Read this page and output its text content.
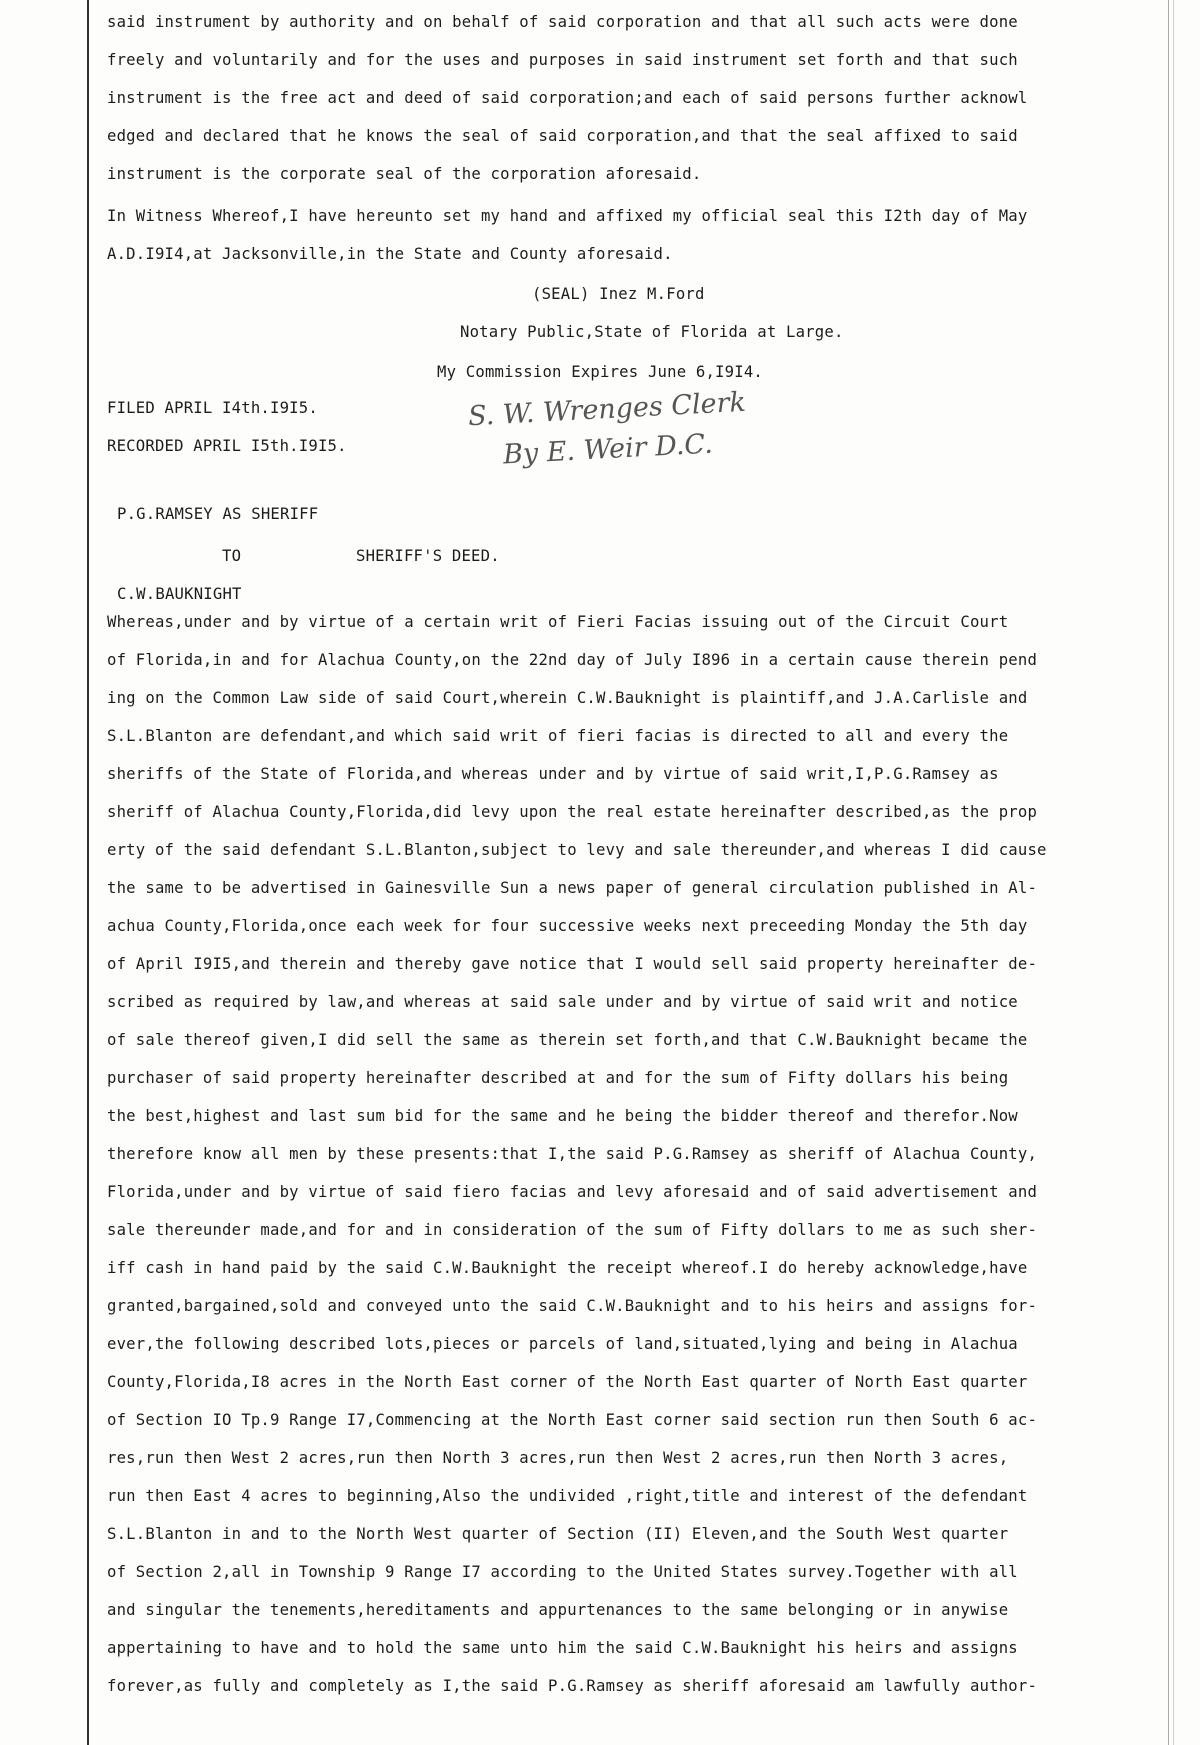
said instrument by authority and on behalf of said corporation and that all such acts were done
freely and voluntarily and for the uses and purposes in said instrument set forth and that such
instrument is the free act and deed of said corporation;and each of said persons further acknowl
edged and declared that he knows the seal of said corporation,and that the seal affixed to said
instrument is the corporate seal of the corporation aforesaid.
In Witness Whereof,I have hereunto set my hand and affixed my official seal this I2th day of May
A.D.I9I4,at Jacksonville,in the State and County aforesaid.
(SEAL) Inez M.Ford
Notary Public,State of Florida at Large.
My Commission Expires June 6,I9I4.
FILED APRIL I4th.I9I5.
RECORDED APRIL I5th.I9I5.
S. W. Wrenges Clerk
By E. Weir D.C.
P.G.RAMSEY AS SHERIFF
TO	SHERIFF'S DEED.
C.W.BAUKNIGHT
Whereas,under and by virtue of a certain writ of Fieri Facias issuing out of the Circuit Court
of Florida,in and for Alachua County,on the 22nd day of July I896 in a certain cause therein pend
ing on the Common Law side of said Court,wherein C.W.Bauknight is plaintiff,and J.A.Carlisle and
S.L.Blanton are defendant,and which said writ of fieri facias is directed to all and every the
sheriffs of the State of Florida,and whereas under and by virtue of said writ,I,P.G.Ramsey as
sheriff of Alachua County,Florida,did levy upon the real estate hereinafter described,as the prop
erty of the said defendant S.L.Blanton,subject to levy and sale thereunder,and whereas I did cause
the same to be advertised in Gainesville Sun a news paper of general circulation published in Al-
achua County,Florida,once each week for four successive weeks next preceeding Monday the 5th day
of April I9I5,and therein and thereby gave notice that I would sell said property hereinafter de-
scribed as required by law,and whereas at said sale under and by virtue of said writ and notice
of sale thereof given,I did sell the same as therein set forth,and that C.W.Bauknight became the
purchaser of said property hereinafter described at and for the sum of Fifty dollars his being
the best,highest and last sum bid for the same and he being the bidder thereof and therefor.Now
therefore know all men by these presents:that I,the said P.G.Ramsey as sheriff of Alachua County,
Florida,under and by virtue of said fiero facias and levy aforesaid and of said advertisement and
sale thereunder made,and for and in consideration of the sum of Fifty dollars to me as such sher-
iff cash in hand paid by the said C.W.Bauknight the receipt whereof.I do hereby acknowledge,have
granted,bargained,sold and conveyed unto the said C.W.Bauknight and to his heirs and assigns for-
ever,the following described lots,pieces or parcels of land,situated,lying and being in Alachua
County,Florida,I8 acres in the North East corner of the North East quarter of North East quarter
of Section IO Tp.9 Range I7,Commencing at the North East corner said section run then South 6 ac-
res,run then West 2 acres,run then North 3 acres,run then West 2 acres,run then North 3 acres,
run then East 4 acres to beginning,Also the undivided ,right,title and interest of the defendant
S.L.Blanton in and to the North West quarter of Section (II) Eleven,and the South West quarter
of Section 2,all in Township 9 Range I7 according to the United States survey.Together with all
and singular the tenements,hereditaments and appurtenances to the same belonging or in anywise
appertaining to have and to hold the same unto him the said C.W.Bauknight his heirs and assigns
forever,as fully and completely as I,the said P.G.Ramsey as sheriff aforesaid am lawfully author-
